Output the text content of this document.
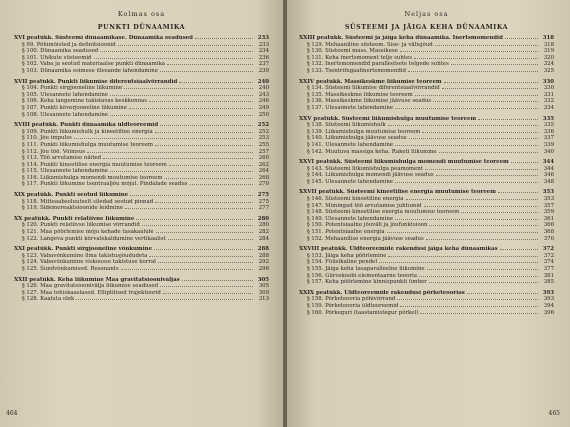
Kolmas osa
PUNKTI DÜNAAMIKA
XVI peatükk. Süsteemi dünaamikase. Dünaamika seadused	233
§ 99. Põhimõisted ja definitsioonid	233
§ 100. Dünaamika seadused	234
§ 101. Ühikute süsteemid	236
§ 102. Vaba ja seotud materiaalse punkti dünaamika	237
§ 103. Dünaamika esimese ülesande lahendamine	239
XVII peatükk. Punkti liikumise diferentsiaalvõrrandid	240
§ 104. Punkti sirgjooneline liikumine	240
§ 105. Ülesannete lahendamine	243
§ 106. Keha langemine takistavas keskkonnas	246
§ 107. Punkti kõverjooneline liikumine	249
§ 108. Ülesannete lahendamine	250
XVIII peatükk. Punkti dünaamika üldteoreemid	252
§ 109. Punkti liikumishulk ja kineetiline energia	252
§ 110. Jõu impulss	253
§ 111. Punkti liikumishulga muutumise teoreem	255
§ 112. Jõu töö. Võimsus	257
§ 113. Töö arvutamise näited	260
§ 114. Punkti kineetilise energia muutumise teoreem	262
§ 115. Ülesannete lahendamine	264
§ 116. Liikumishulga momendi muutumise teoreem	268
§ 117. Punkti liikumine tsentraaljõu mõjul. Pindalade seadus	270
XIX peatükk. Punkti seotud liikumine	275
§ 118. Mitteaabsoluutselt siledad seotud pinnad	275
§ 119. Sidemereaktsioonide leidmine	277
XX peatükk. Punkti relatiivne liikumine	280
§ 120. Punkti relatiivse liikumise võrrandid	280
§ 121. Maa pöörlemise mõju kehade tasakaalule	282
§ 122. Langeva punkti kõrvalekaldumine vertikaalist	284
XXI peatükk. Punkti sirgjooneline võnkumine	288
§ 123. Vabavõnkumine ilma takistusjõududeta	288
§ 124. Vabavõnkumine viskoosse takistuse korral	292
§ 125. Sundvõnkumised. Resonants	296
XXII peatükk. Keha liikumine Maa gravitatsiooniväljas	305
§ 126. Maa gravitatsioonivälja liikumise seadused	305
§ 127. Maa tehiskaaslased. Elliptilised trajektoorid	309
§ 128. Kaaluta olek	313
464
Neljas osa
SÜSTEEMI JA JÄIGA KEHA DÜNAAMIKA
XXIII peatükk. Süsteemi ja jäiga keha dünaamika. Inertsmomendid	318
§ 129. Mehaaniline süsteem. Sise- ja välisjõud	318
§ 130. Süsteemi mass. Massikese	319
§ 131. Keha inertsmoment telje suhtes	320
§ 132. Inertsmomendid paralleelsete telgede suhtes	324
§ 133. Tsentrifugaalinertsmomendid	325
XXIV peatükk. Massikeskme liikumise teoreem	330
§ 134. Süsteemi liikumise diferentsiaalvõrrandid	330
§ 135. Massikeskme liikumise teoreem	331
§ 136. Massikeskme liikumise jäävuse seadus	332
§ 137. Ülesannete lahendamine	334
XXV peatükk. Süsteemi liikumishulga muutumise teoreem	335
§ 138. Süsteemi liikumishulk	335
§ 139. Liikumishulga muutumise teoreem	336
§ 140. Liikumishulga jäävuse seadus	337
§ 141. Ülesannete lahendamine	339
§ 142. Muutuva massiga keha. Raketi liikumine	340
XXVI peatükk. Süsteemi liikumishulga momendi muutumise teoreem	344
§ 143. Süsteemi liikumishulga peamoment	344
§ 144. Liikumishulga momendi jäävuse seadus	346
§ 145. Ülesannete lahendamine	348
XXVII peatükk. Süsteemi kineetilise energia muutumise teoreem	353
§ 146. Süsteemi kineetiline energia	353
§ 147. Mõningad töö arvutamise juhtumid	357
§ 148. Süsteemi kineetilise energia muutumise teoreem	359
§ 149. Ülesannete lahendamine	361
§ 150. Potentsiaalne jõuväli ja jõufunktsioon	366
§ 151. Potentsiaalne energia	368
§ 152. Mehaanilise energia jäävuse seadus	370
XXVIII peatükk. Üldteoreemide rakendusi jäiga keha dünaamikas	372
§ 153. Jäiga keha pöörlemine	372
§ 154. Füüsikaline pendel	374
§ 155. Jäiga keha tasaparalleelne liikumine	377
§ 156. Güroskoobi elementaarne teooria	381
§ 157. Keha pöörlemine kinnispunkti ümber	385
XXIX peatükk. Üldteoreemide rakendusi põrketeoorias	393
§ 158. Põrketeooria põhivõrrand	393
§ 159. Põrketeooria üldteoreemid	394
§ 160. Põrkeguri (taastamistegur põrkel)	396
465
